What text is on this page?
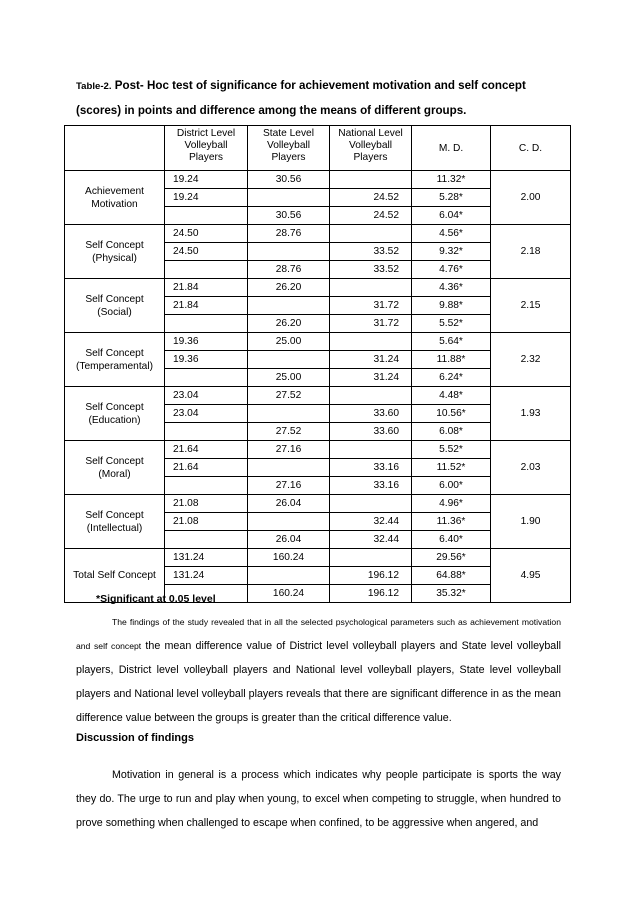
Table-2. Post- Hoc test of significance for achievement motivation and self concept (scores) in points and difference among the means of different groups.
	District Level Volleyball Players	State Level Volleyball Players	National Level Volleyball Players	M. D.	C. D.
Achievement Motivation	19.24	30.56		11.32*	2.00
	19.24		24.52	5.28*	
		30.56	24.52	6.04*	
Self Concept (Physical)	24.50	28.76		4.56*	2.18
	24.50		33.52	9.32*	
		28.76	33.52	4.76*	
Self Concept (Social)	21.84	26.20		4.36*	2.15
	21.84		31.72	9.88*	
		26.20	31.72	5.52*	
Self Concept (Temperamental)	19.36	25.00		5.64*	2.32
	19.36		31.24	11.88*	
		25.00	31.24	6.24*	
Self Concept (Education)	23.04	27.52		4.48*	1.93
	23.04		33.60	10.56*	
		27.52	33.60	6.08*	
Self Concept (Moral)	21.64	27.16		5.52*	2.03
	21.64		33.16	11.52*	
		27.16	33.16	6.00*	
Self Concept (Intellectual)	21.08	26.04		4.96*	1.90
	21.08		32.44	11.36*	
		26.04	32.44	6.40*	
Total Self Concept	131.24	160.24		29.56*	4.95
	131.24		196.12	64.88*	
		160.24	196.12	35.32*	
*Significant at 0.05 level
The findings of the study revealed that in all the selected psychological parameters such as achievement motivation and self concept the mean difference value of District level volleyball players and State level volleyball players, District level volleyball players and National level volleyball players, State level volleyball players and National level volleyball players reveals that there are significant difference in as the mean difference value between the groups is greater than the critical difference value.
Discussion of findings
Motivation in general is a process which indicates why people participate is sports the way they do. The urge to run and play when young, to excel when competing to struggle, when hundred to prove something when challenged to escape when confined, to be aggressive when angered, and
